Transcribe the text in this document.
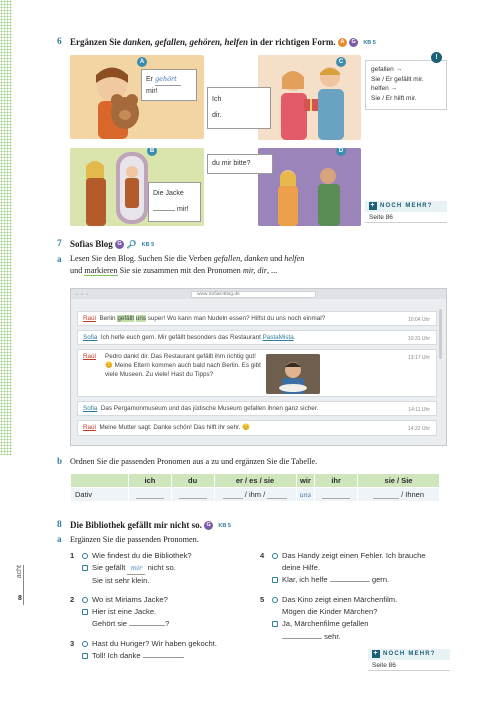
acht
8
6 Ergänzen Sie danken, gefallen, gehören, helfen in der richtigen Form. A G KB 5
A
Er gehört
mir!
C
Ich
dir.
gefallen →
Sie / Er gefällt mir.
helfen →
Sie / Er hilft mir.
!
B
Die Jacke
mir!
D
du mir bitte?
+ NOCH MEHR?
Seite 86
7 Sofias Blog G 🔎︎ KB 5
a Lesen Sie den Blog. Suchen Sie die Verben gefallen, danken und helfen
und markieren Sie sie zusammen mit den Pronomen mir, dir, ...
• • •	www.Sofias-Blog.de
Raúl Berlin gefällt uns super! Wo kann man Nudeln essen? Hilfst du uns noch einmal?	10:04 Uhr
Sofia Ich helfe euch gern. Mir gefällt besonders das Restaurant PastaMista.	10:31 Uhr
Raúl Pedro dankt dir. Das Restaurant gefällt ihm richtig gut! 😊 Meine Eltern kommen auch bald nach Berlin. Es gibt viele Museen. Zu viele! Hast du Tipps?
13:17 Uhr
Sofia Das Pergamonmuseum und das jüdische Museum gefallen ihnen ganz sicher.	14:11 Uhr
Raúl Meine Mutter sagt: Danke schön! Das hilft ihr sehr. 😊	14:22 Uhr
b Ordnen Sie die passenden Pronomen aus a zu und ergänzen Sie die Tabelle.
	ich	du	er / es / sie	wir	ihr	sie / Sie
Dativ			/ ihm /	uns		/ Ihnen
8 Die Bibliothek gefällt mir nicht so. G KB 5
a Ergänzen Sie die passenden Pronomen.
1	Wie findest du die Bibliothek?
Sie gefällt mir nicht so.
Sie ist sehr klein.
2	Wo ist Miriams Jacke?
Hier ist eine Jacke.
Gehört sie	?
3	Hast du Hunger? Wir haben gekocht.
Toll! Ich danke	.
4	Das Handy zeigt einen Fehler. Ich brauche
deine Hilfe.
Klar, ich helfe	gern.
5	Das Kino zeigt einen Märchenfilm.
Mögen die Kinder Märchen?
Ja, Märchenfilme gefallen
sehr.
+ NOCH MEHR?
Seite 86
